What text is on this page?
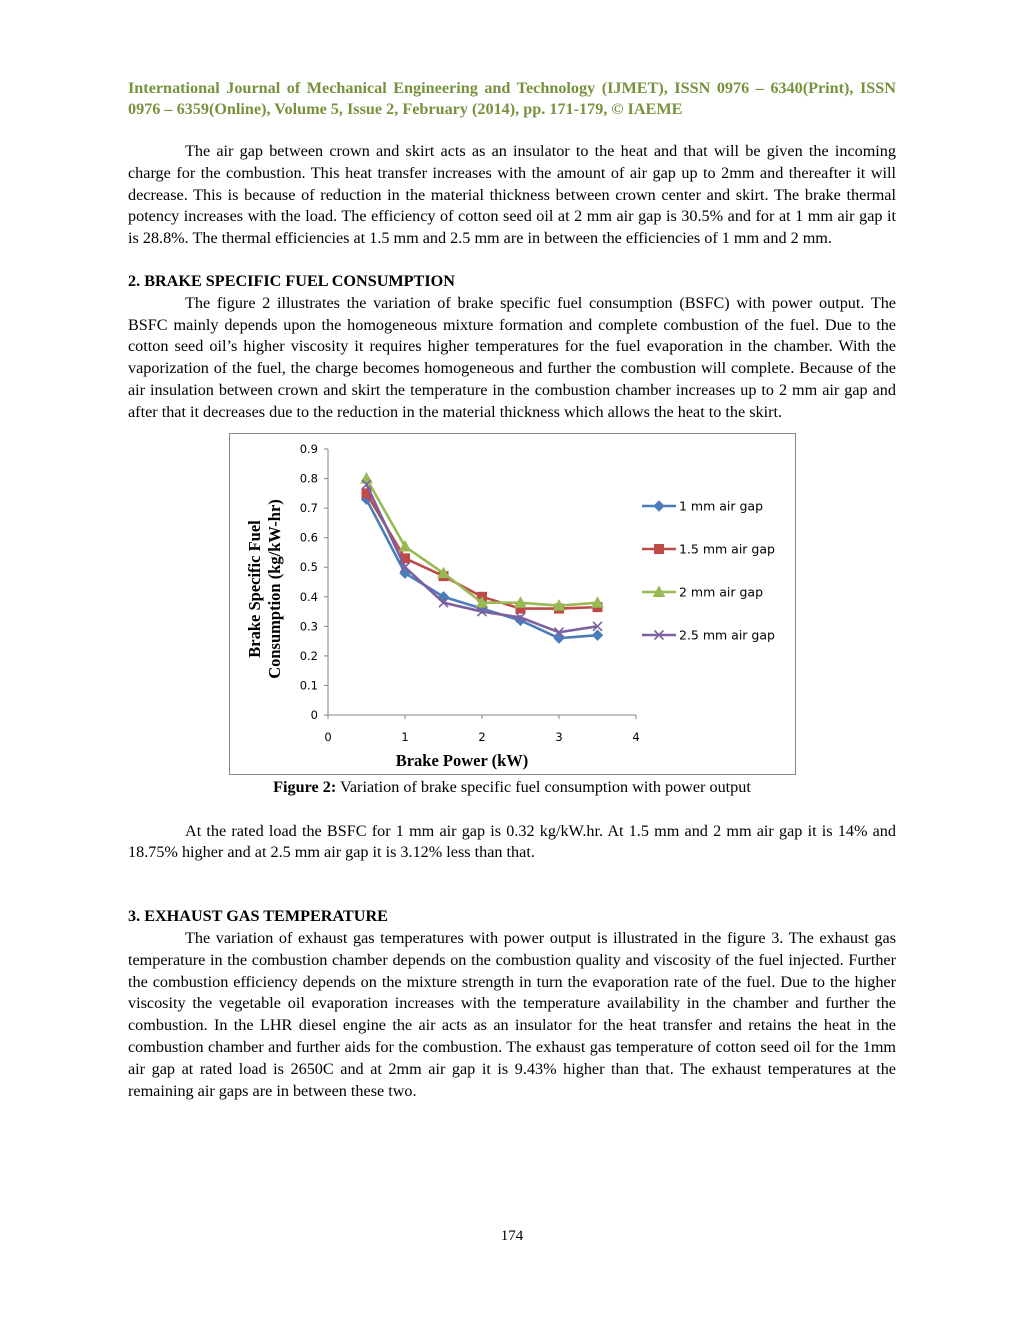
International Journal of Mechanical Engineering and Technology (IJMET), ISSN 0976 – 6340(Print), ISSN 0976 – 6359(Online), Volume 5, Issue 2, February (2014), pp. 171-179, © IAEME

The air gap between crown and skirt acts as an insulator to the heat and that will be given the incoming charge for the combustion. This heat transfer increases with the amount of air gap up to 2mm and thereafter it will decrease. This is because of reduction in the material thickness between crown center and skirt. The brake thermal potency increases with the load. The efficiency of cotton seed oil at 2 mm air gap is 30.5% and for at 1 mm air gap it is 28.8%. The thermal efficiencies at 1.5 mm and 2.5 mm are in between the efficiencies of 1 mm and 2 mm.

2. BRAKE SPECIFIC FUEL CONSUMPTION

The figure 2 illustrates the variation of brake specific fuel consumption (BSFC) with power output. The BSFC mainly depends upon the homogeneous mixture formation and complete combustion of the fuel. Due to the cotton seed oil’s higher viscosity it requires higher temperatures for the fuel evaporation in the chamber. With the vaporization of the fuel, the charge becomes homogeneous and further the combustion will complete. Because of the air insulation between crown and skirt the temperature in the combustion chamber increases up to 2 mm air gap and after that it decreases due to the reduction in the material thickness which allows the heat to the skirt.

0
0.1
0.2
0.3
0.4
0.5
0.6
0.7
0.8
0.9
0	1	2	3	4
1 mm air gap
1.5 mm air gap
2 mm air gap
2.5 mm air gap
Brake Power (kW)
Brake Specific Fuel Consumption (kg/kW-hr)

Figure 2: Variation of brake specific fuel consumption with power output

At the rated load the BSFC for 1 mm air gap is 0.32 kg/kW.hr. At 1.5 mm and 2 mm air gap it is 14% and 18.75% higher and at 2.5 mm air gap it is 3.12% less than that.

3. EXHAUST GAS TEMPERATURE

The variation of exhaust gas temperatures with power output is illustrated in the figure 3. The exhaust gas temperature in the combustion chamber depends on the combustion quality and viscosity of the fuel injected. Further the combustion efficiency depends on the mixture strength in turn the evaporation rate of the fuel. Due to the higher viscosity the vegetable oil evaporation increases with the temperature availability in the chamber and further the combustion. In the LHR diesel engine the air acts as an insulator for the heat transfer and retains the heat in the combustion chamber and further aids for the combustion. The exhaust gas temperature of cotton seed oil for the 1mm air gap at rated load is 2650C and at 2mm air gap it is 9.43% higher than that. The exhaust temperatures at the remaining air gaps are in between these two.

174
